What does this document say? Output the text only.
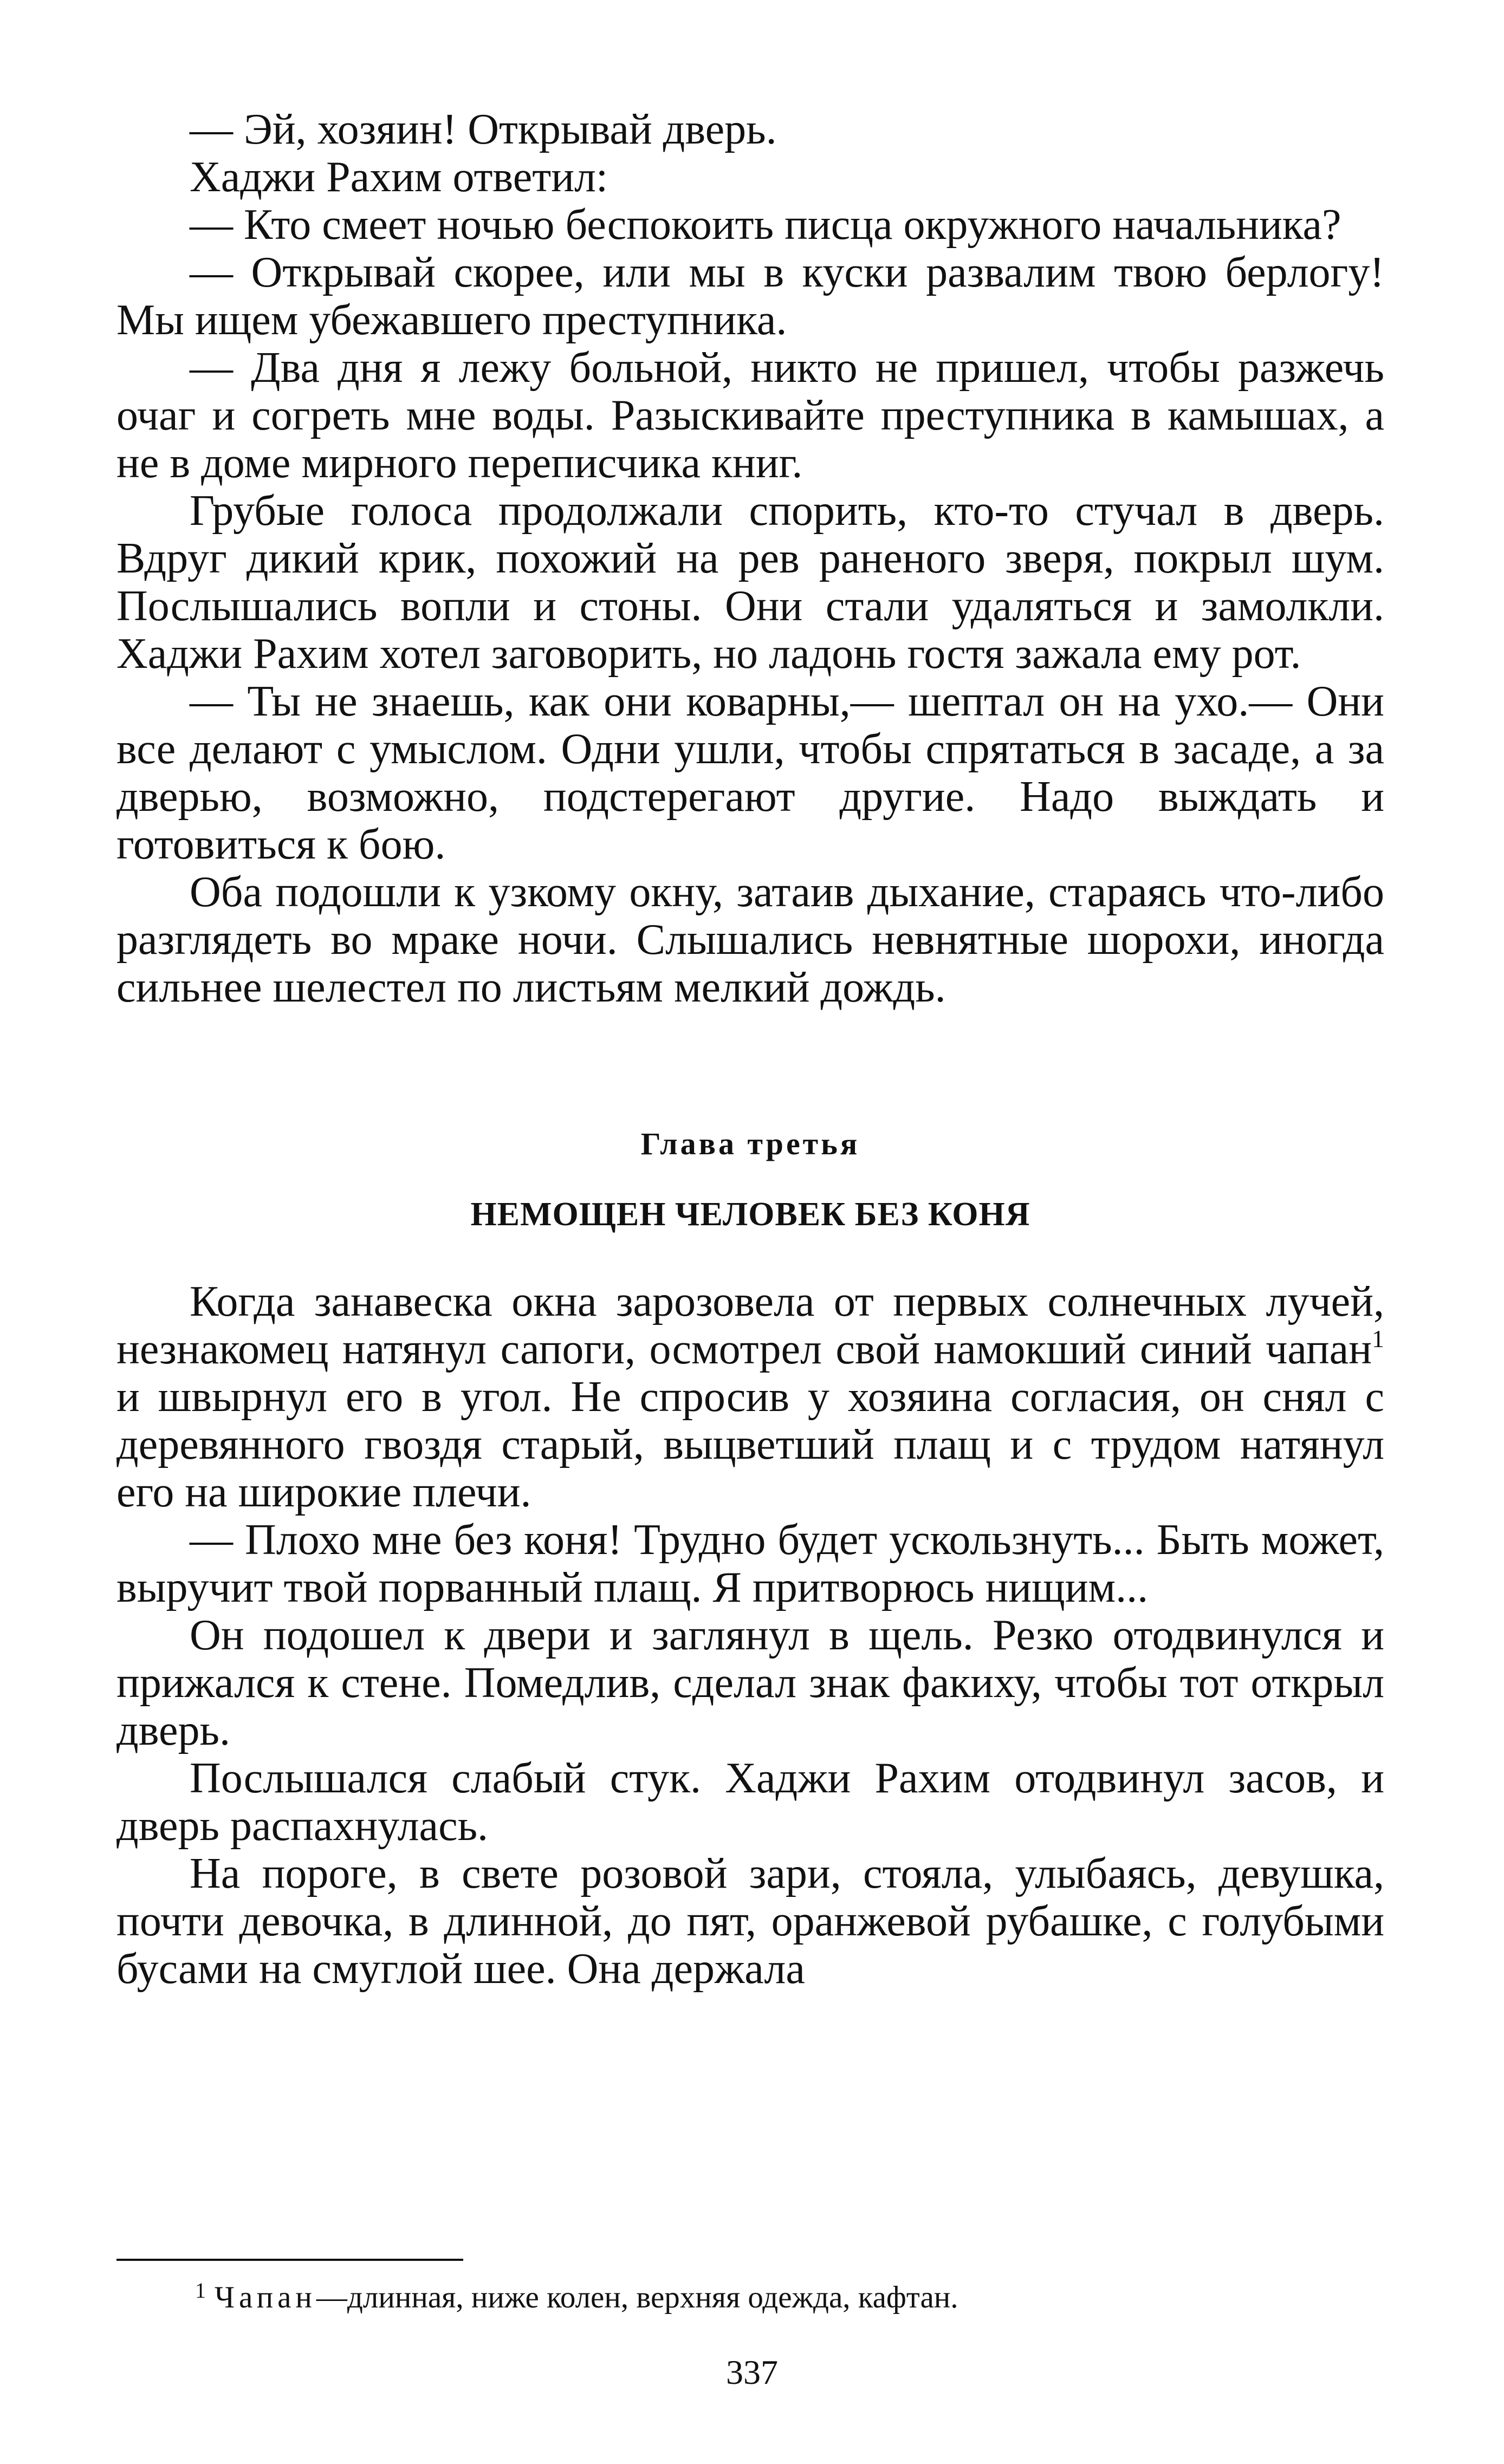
— Эй, хозяин! Открывай дверь.

Хаджи Рахим ответил:

— Кто смеет ночью беспокоить писца окружного начальника?

— Открывай скорее, или мы в куски развалим твою берлогу! Мы ищем убежавшего преступника.

— Два дня я лежу больной, никто не пришел, чтобы разжечь очаг и согреть мне воды. Разыскивайте преступника в камышах, а не в доме мирного переписчика книг.

Грубые голоса продолжали спорить, кто-то стучал в дверь. Вдруг дикий крик, похожий на рев раненого зверя, покрыл шум. Послышались вопли и стоны. Они стали удаляться и замолкли. Хаджи Рахим хотел заговорить, но ладонь гостя зажала ему рот.

— Ты не знаешь, как они коварны,— шептал он на ухо.— Они все делают с умыслом. Одни ушли, чтобы спрятаться в засаде, а за дверью, возможно, подстерегают другие. Надо выждать и готовиться к бою.

Оба подошли к узкому окну, затаив дыхание, стараясь что-либо разглядеть во мраке ночи. Слышались невнятные шорохи, иногда сильнее шелестел по листьям мелкий дождь.

Глава третья

НЕМОЩЕН ЧЕЛОВЕК БЕЗ КОНЯ

Когда занавеска окна зарозовела от первых солнечных лучей, незнакомец натянул сапоги, осмотрел свой намокший синий чапан$^1$ и швырнул его в угол. Не спросив у хозяина согласия, он снял с деревянного гвоздя старый, выцветший плащ и с трудом натянул его на широкие плечи.

— Плохо мне без коня! Трудно будет ускользнуть... Быть может, выручит твой порванный плащ. Я притворюсь нищим...

Он подошел к двери и заглянул в щель. Резко отодвинулся и прижался к стене. Помедлив, сделал знак факиху, чтобы тот открыл дверь.

Послышался слабый стук. Хаджи Рахим отодвинул засов, и дверь распахнулась.

На пороге, в свете розовой зари, стояла, улыбаясь, девушка, почти девочка, в длинной, до пят, оранжевой рубашке, с голубыми бусами на смуглой шее. Она держала

$^1$ Чапан—длинная, ниже колен, верхняя одежда, кафтан.

337
